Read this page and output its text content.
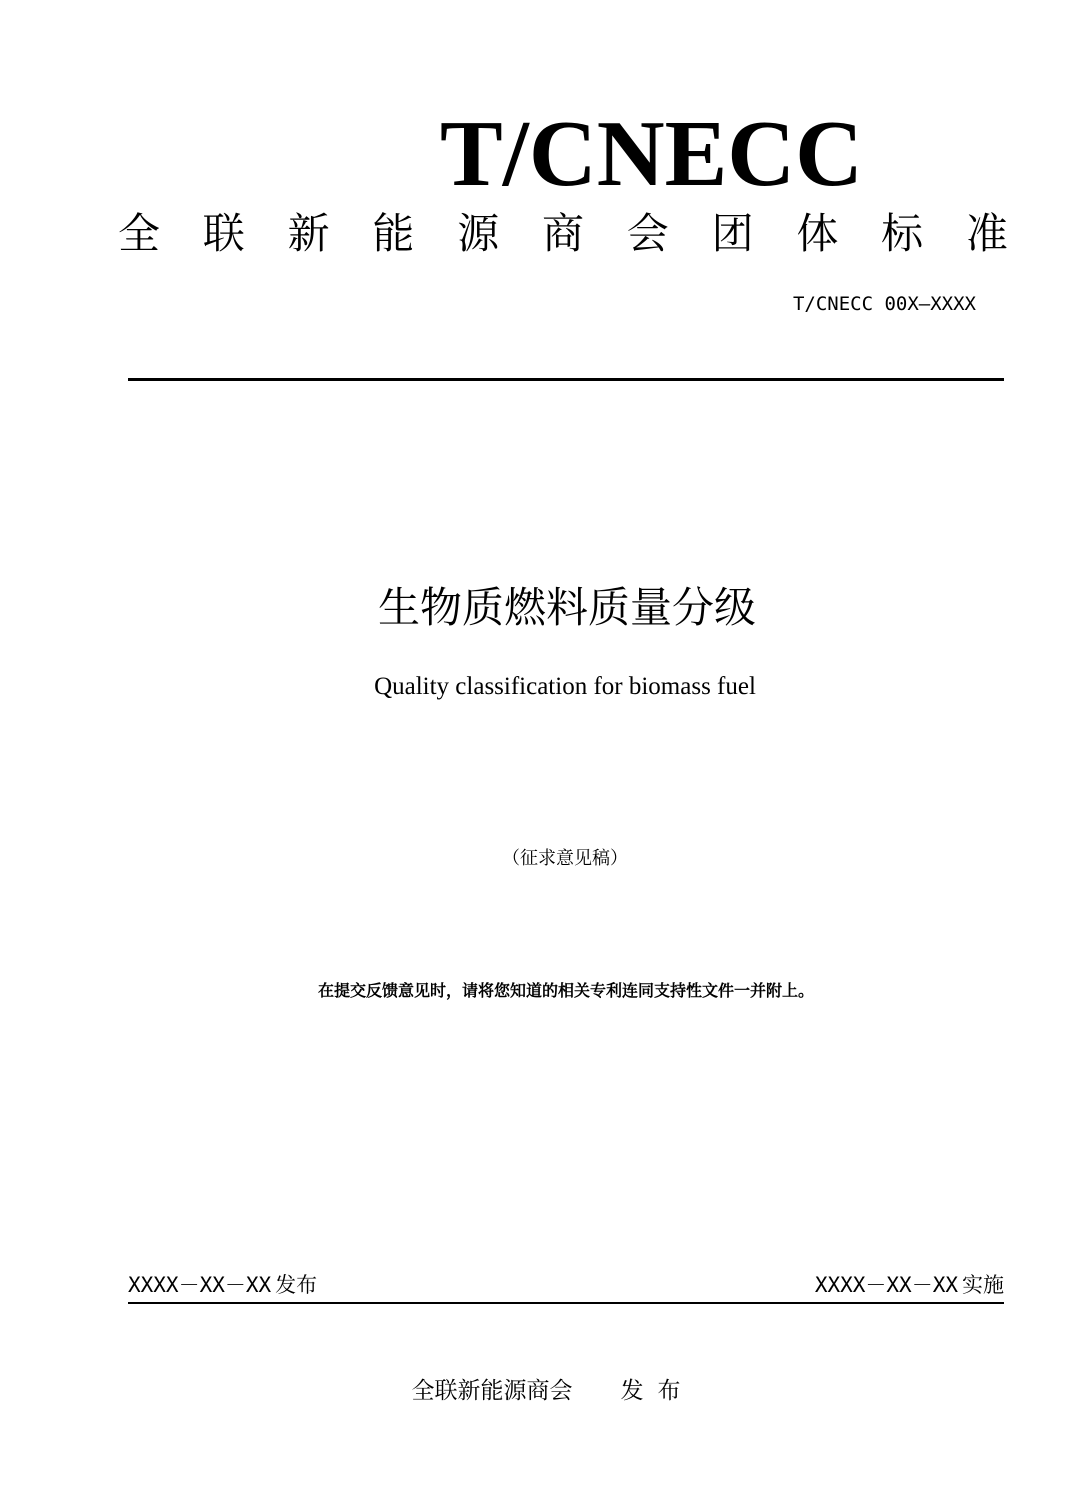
T/CNECC
全 联 新 能 源 商 会 团 体 标 准
T/CNECC 00X—XXXX
生物质燃料质量分级
Quality classification for biomass fuel
（征求意见稿）
在提交反馈意见时，请将您知道的相关专利连同支持性文件一并附上。
XXXX－XX－XX 发布	XXXX－XX－XX 实施
全联新能源商会 发布
